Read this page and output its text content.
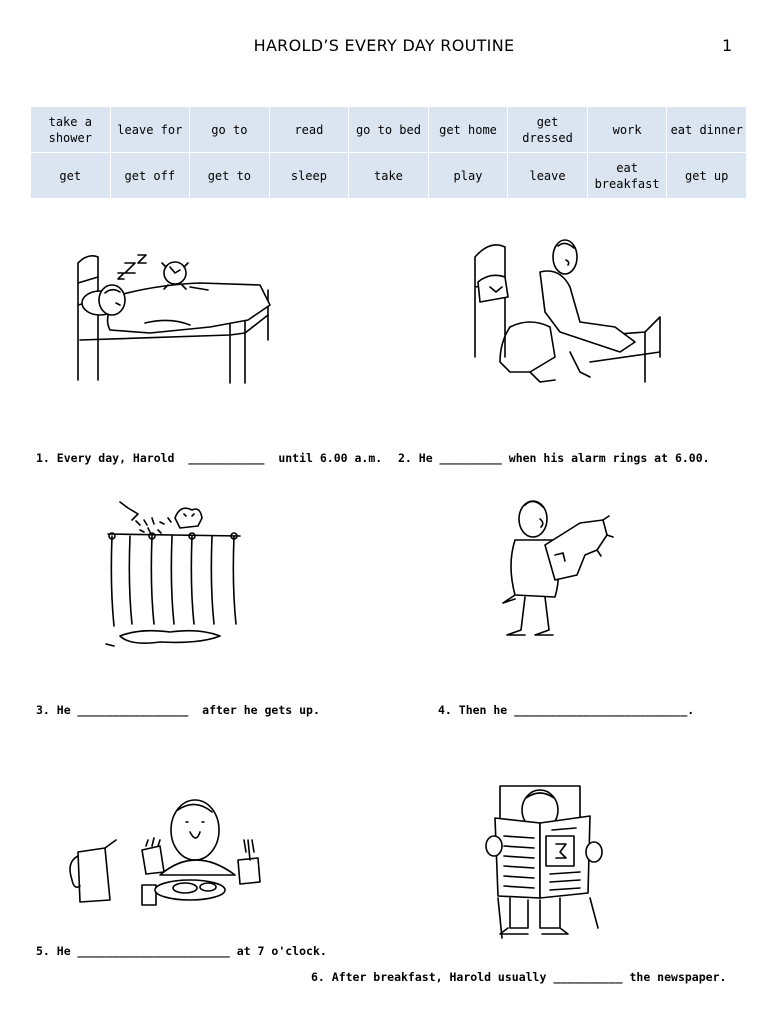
HAROLD’S EVERY DAY ROUTINE	1
take a shower	leave for	go to	read	go to bed	get home	get dressed	work	eat dinner
get	get off	get to	sleep	take	play	leave	eat breakfast	get up
1. Every day, Harold  ___________  until 6.00 a.m. 2. He _________ when his alarm rings at 6.00.
3. He ________________  after he gets up.	4. Then he _________________________.
5. He ______________________ at 7 o'clock.
6. After breakfast, Harold usually __________ the newspaper.
